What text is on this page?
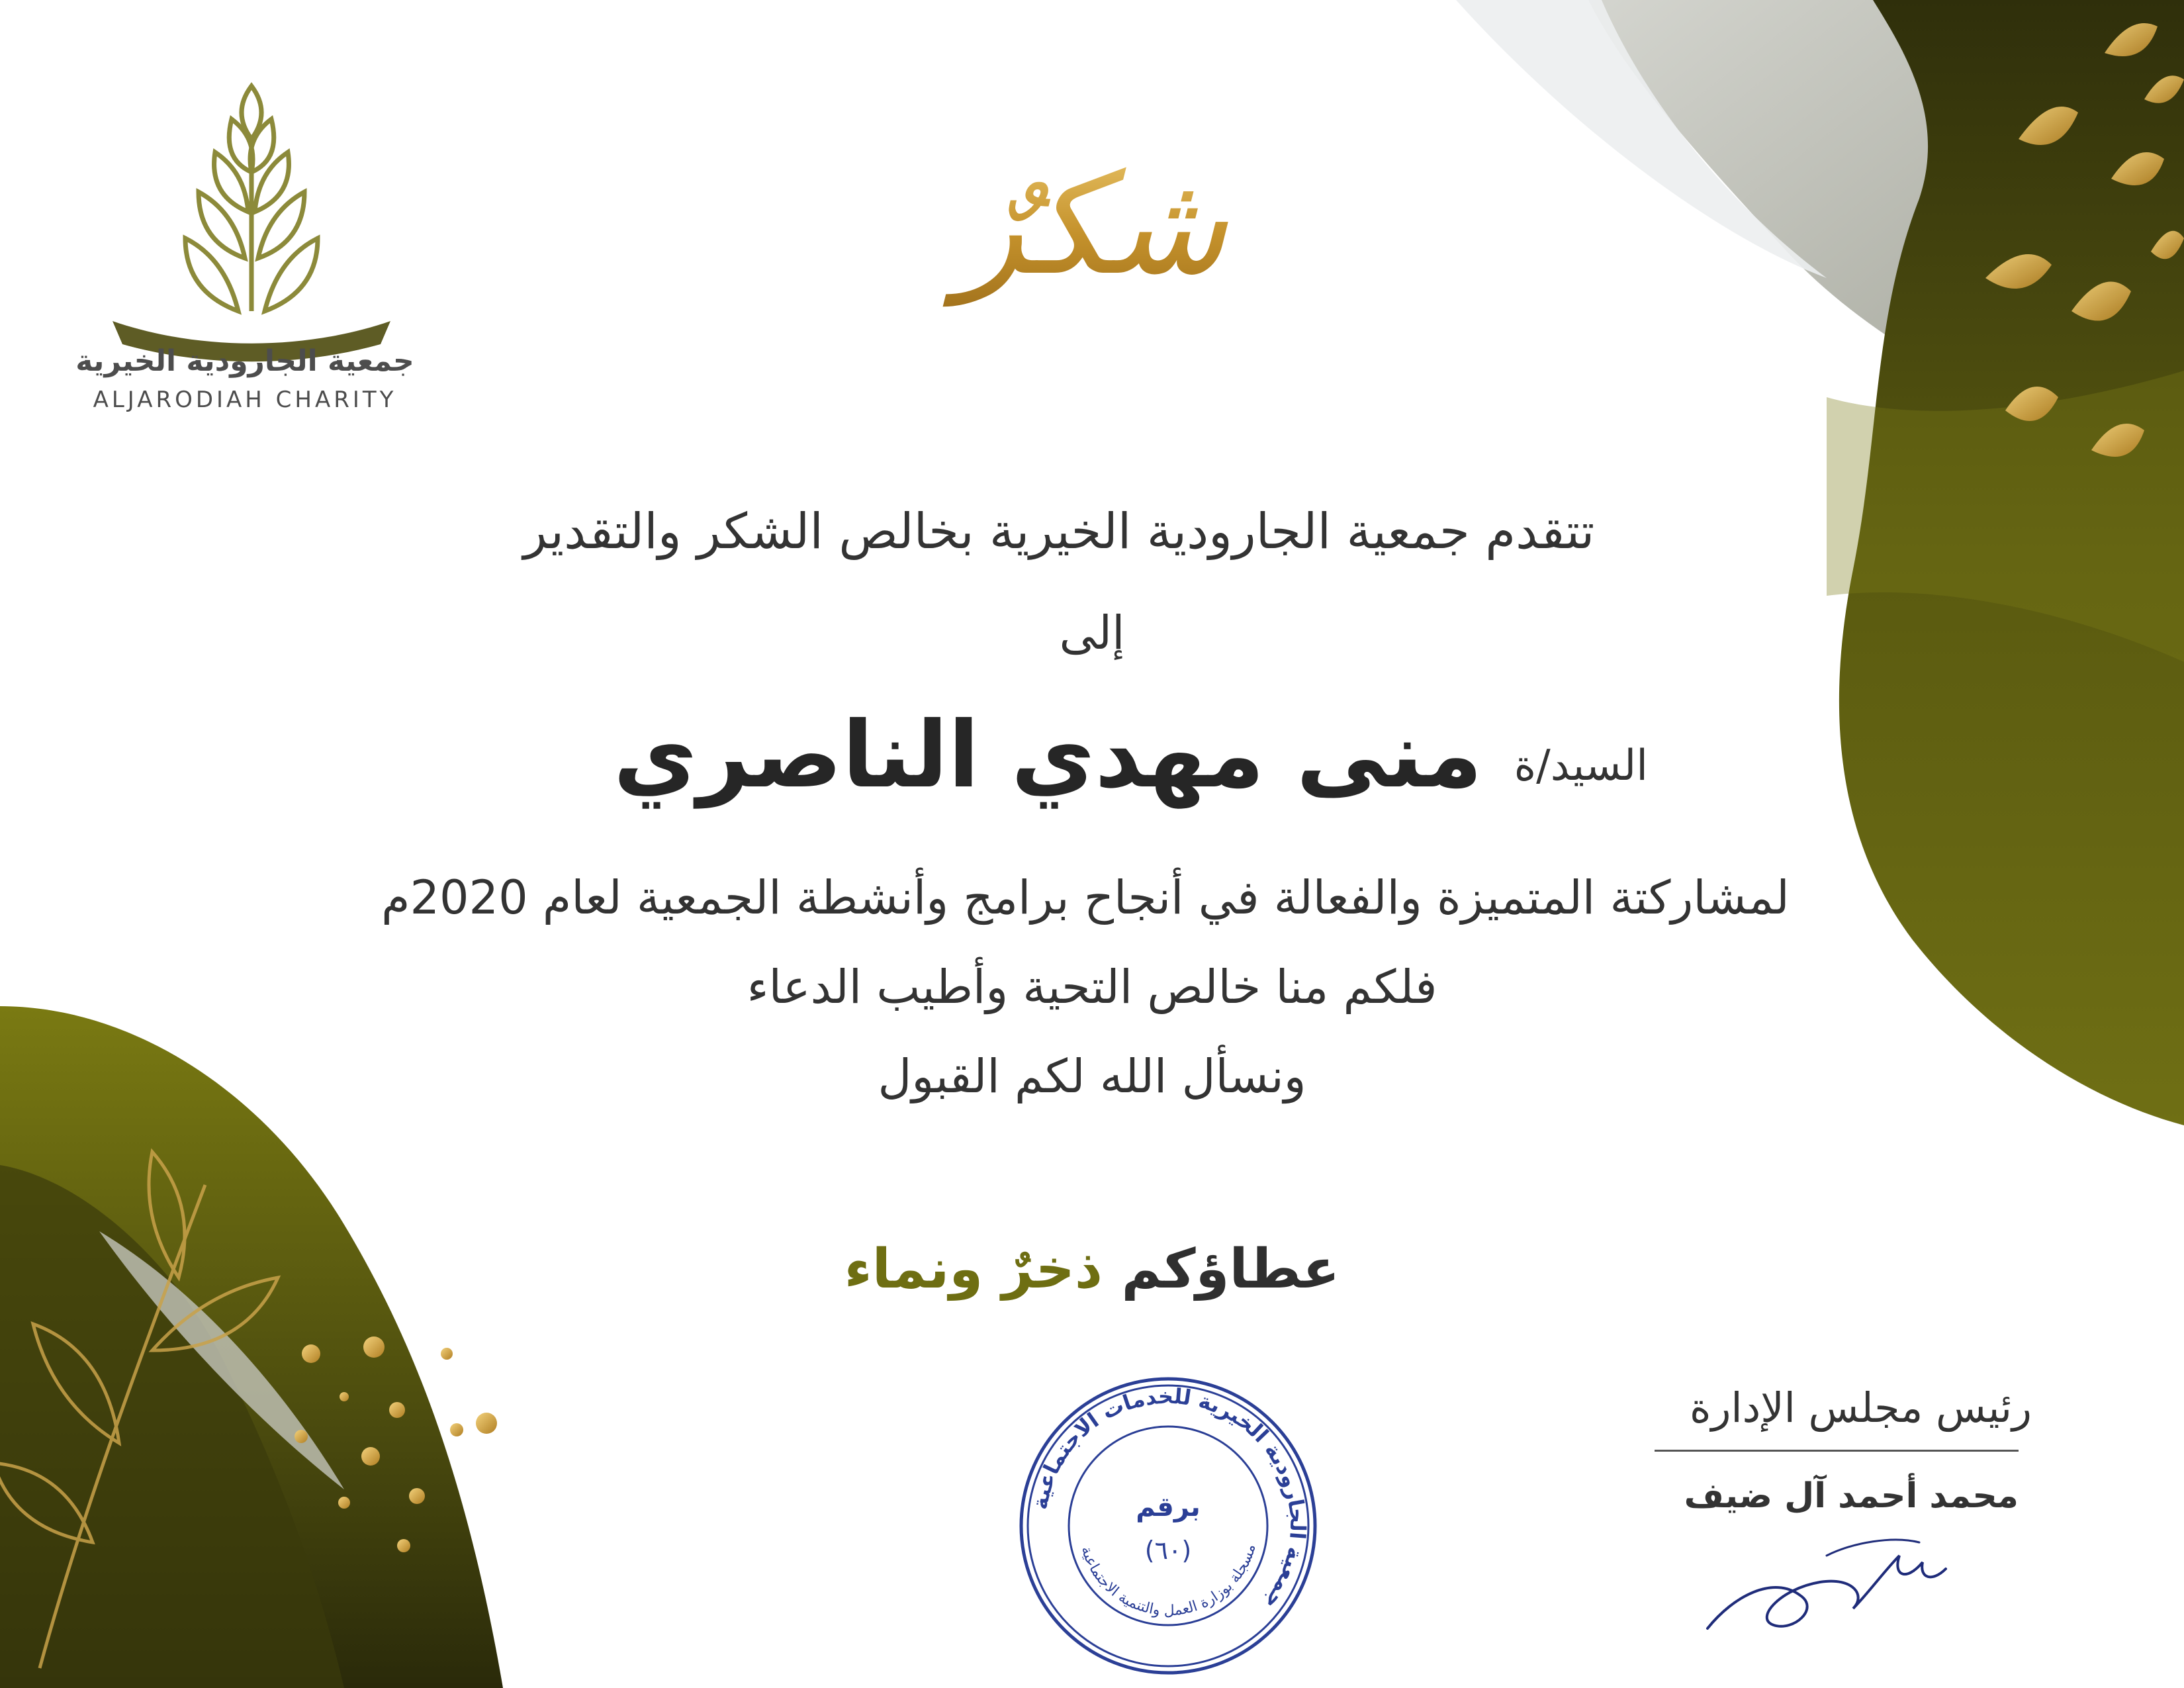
جمعية الجارودية الخيرية
ALJARODIAH CHARITY
شكرٌ وعرفان
تتقدم جمعية الجارودية الخيرية بخالص الشكر والتقدير
إلى
السيد/ة
منى مهدي الناصري
لمشاركتة المتميزة والفعالة في أنجاح برامج وأنشطة الجمعية لعام 2020م
فلكم منا خالص التحية وأطيب الدعاء
ونسأل الله لكم القبول
عطاؤكم ذخرٌ ونماء
جمعية الجارودية الخيرية للخدمات الاجتماعية
مسجلة بوزارة العمل والتنمية الاجتماعية
برقم
(٦٠)
رئيس مجلس الإدارة
محمد أحمد آل ضيف
